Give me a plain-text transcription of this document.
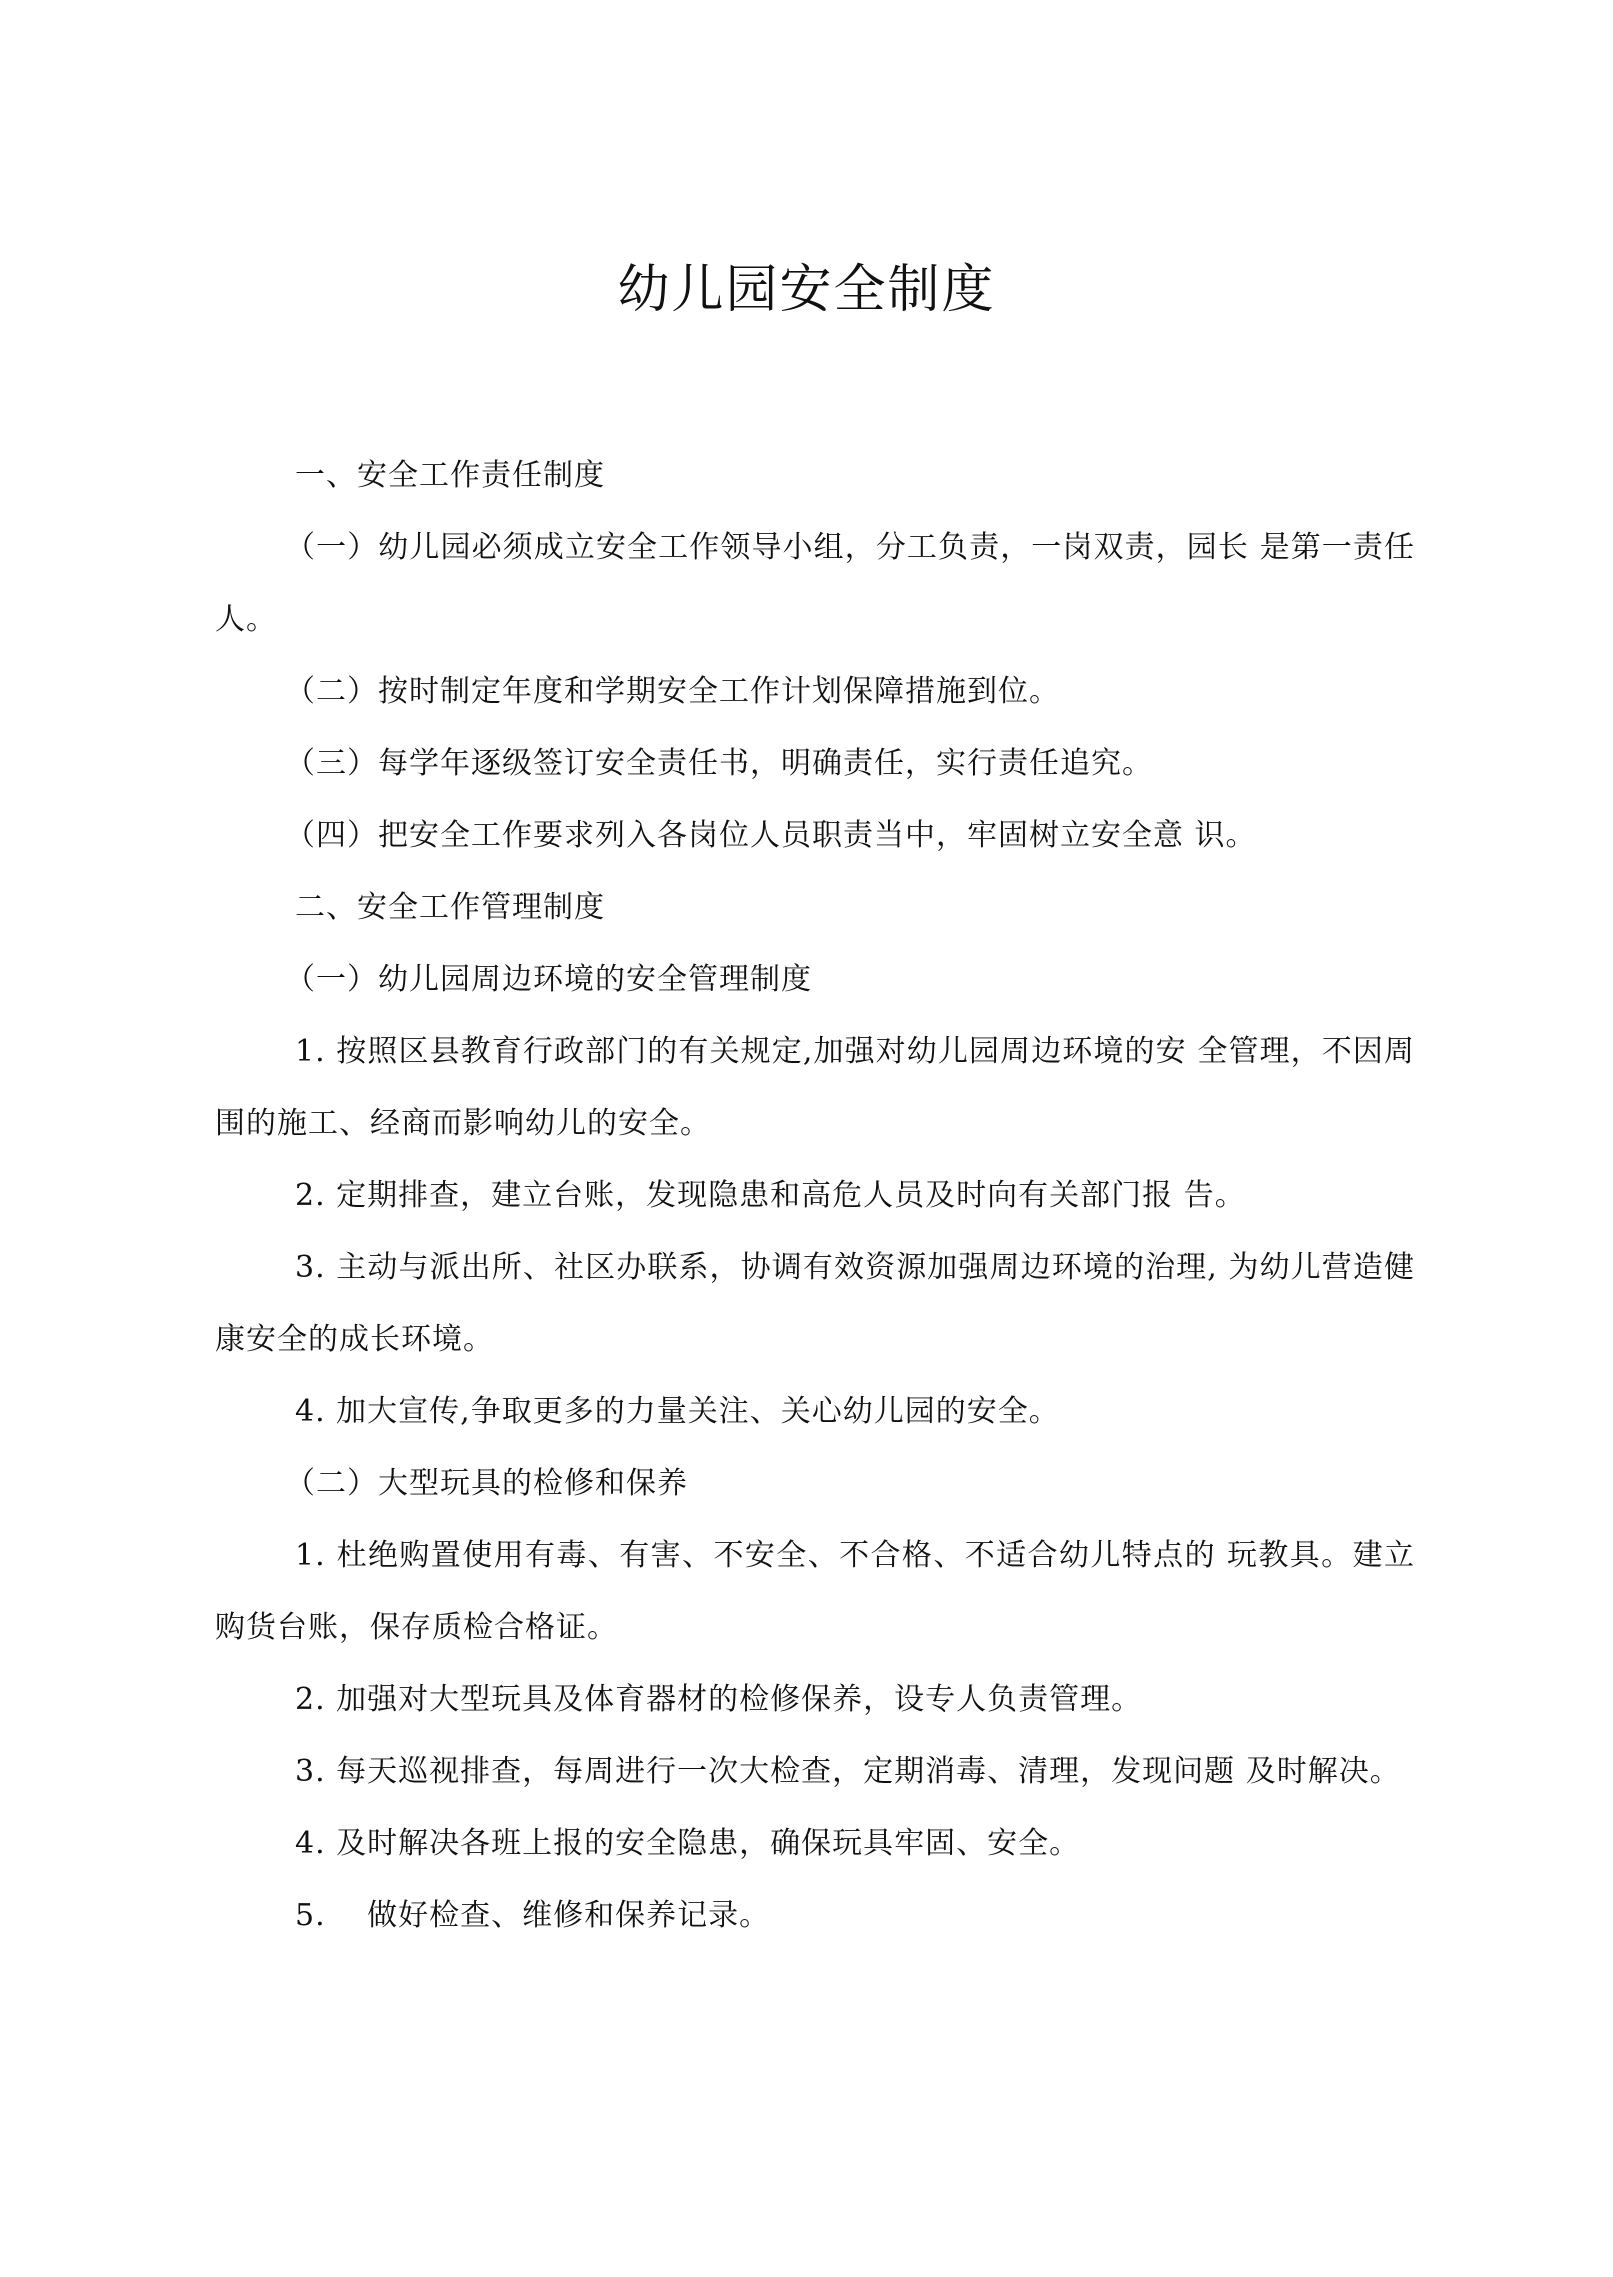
幼儿园安全制度

一、安全工作责任制度

（一）幼儿园必须成立安全工作领导小组，分工负责，一岗双责，园长 是第一责任人。

（二）按时制定年度和学期安全工作计划保障措施到位。

（三）每学年逐级签订安全责任书，明确责任，实行责任追究。

（四）把安全工作要求列入各岗位人员职责当中，牢固树立安全意 识。

二、安全工作管理制度

（一）幼儿园周边环境的安全管理制度

1. 按照区县教育行政部门的有关规定,加强对幼儿园周边环境的安 全管理，不因周围的施工、经商而影响幼儿的安全。

2. 定期排查，建立台账，发现隐患和高危人员及时向有关部门报 告。

3. 主动与派出所、社区办联系，协调有效资源加强周边环境的治理, 为幼儿营造健康安全的成长环境。

4. 加大宣传,争取更多的力量关注、关心幼儿园的安全。

（二）大型玩具的检修和保养

1. 杜绝购置使用有毒、有害、不安全、不合格、不适合幼儿特点的 玩教具。建立购货台账，保存质检合格证。

2. 加强对大型玩具及体育器材的检修保养，设专人负责管理。

3. 每天巡视排查，每周进行一次大检查，定期消毒、清理，发现问题 及时解决。

4. 及时解决各班上报的安全隐患，确保玩具牢固、安全。

5.　 做好检查、维修和保养记录。
